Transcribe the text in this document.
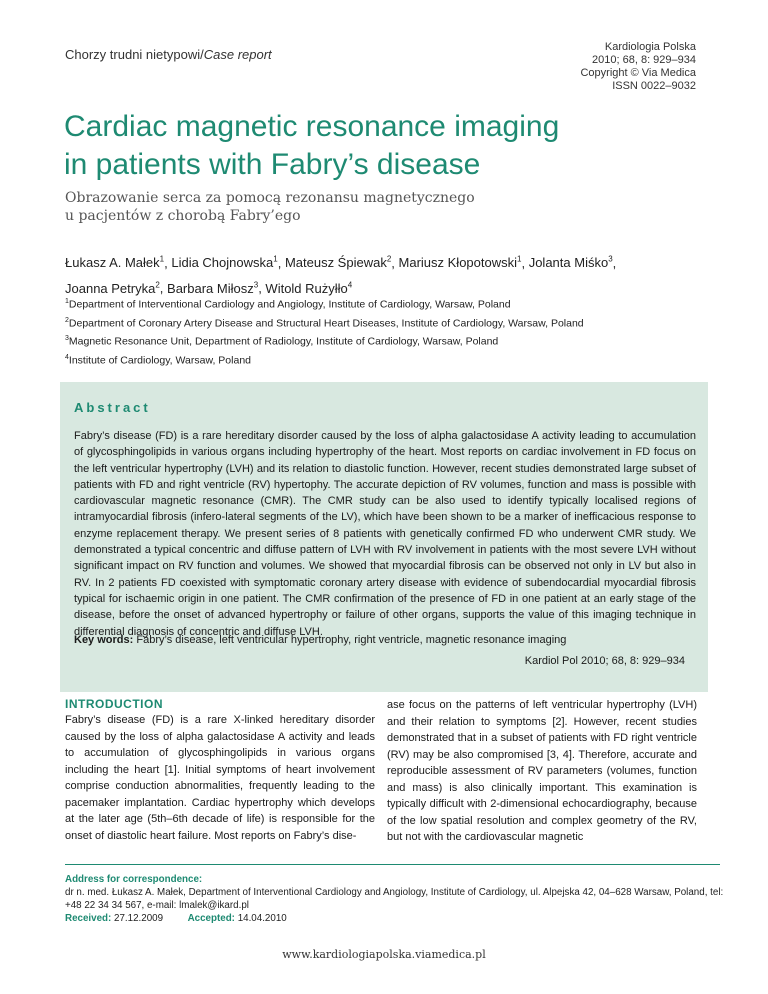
Chorzy trudni nietypowi/Case report	Kardiologia Polska
2010; 68, 8: 929–934
Copyright © Via Medica
ISSN 0022–9032
Cardiac magnetic resonance imaging
in patients with Fabry’s disease
Obrazowanie serca za pomocą rezonansu magnetycznego
u pacjentów z chorobą Fabry’ego
Łukasz A. Małek$^1$, Lidia Chojnowska$^1$, Mateusz Śpiewak$^2$, Mariusz Kłopotowski$^1$, Jolanta Miśko$^3$,
Joanna Petryka$^2$, Barbara Miłosz$^3$, Witold Rużyłło$^4$
$^1$Department of Interventional Cardiology and Angiology, Institute of Cardiology, Warsaw, Poland
$^2$Department of Coronary Artery Disease and Structural Heart Diseases, Institute of Cardiology, Warsaw, Poland
$^3$Magnetic Resonance Unit, Department of Radiology, Institute of Cardiology, Warsaw, Poland
$^4$Institute of Cardiology, Warsaw, Poland
Abstract
Fabry’s disease (FD) is a rare hereditary disorder caused by the loss of alpha galactosidase A activity leading to accumulation of glycosphingolipids in various organs including hypertrophy of the heart. Most reports on cardiac involvement in FD focus on the left ventricular hypertrophy (LVH) and its relation to diastolic function. However, recent studies demonstrated large subset of patients with FD and right ventricle (RV) hypertophy. The accurate depiction of RV volumes, function and mass is possible with cardiovascular magnetic resonance (CMR). The CMR study can be also used to identify typically localised regions of intramyocardial fibrosis (infero-lateral segments of the LV), which have been shown to be a marker of inefficacious response to enzyme replacement therapy. We present series of 8 patients with genetically confirmed FD who underwent CMR study. We demonstrated a typical concentric and diffuse pattern of LVH with RV involvement in patients with the most severe LVH without significant impact on RV function and volumes. We showed that myocardial fibrosis can be observed not only in LV but also in RV. In 2 patients FD coexisted with symptomatic coronary artery disease with evidence of subendocardial myocardial fibrosis typical for ischaemic origin in one patient. The CMR confirmation of the presence of FD in one patient at an early stage of the disease, before the onset of advanced hypertrophy or failure of other organs, supports the value of this imaging technique in differential diagnosis of concentric and diffuse LVH.
Key words: Fabry’s disease, left ventricular hypertrophy, right ventricle, magnetic resonance imaging
Kardiol Pol 2010; 68, 8: 929–934
INTRODUCTION
Fabry’s disease (FD) is a rare X-linked hereditary disorder caused by the loss of alpha galactosidase A activity and leads to accumulation of glycosphingolipids in various organs including the heart [1]. Initial symptoms of heart involvement comprise conduction abnormalities, frequently leading to the pacemaker implantation. Cardiac hypertrophy which develops at the later age (5th–6th decade of life) is responsible for the onset of diastolic heart failure. Most reports on Fabry’s dise-
ase focus on the patterns of left ventricular hypertrophy (LVH) and their relation to symptoms [2]. However, recent studies demonstrated that in a subset of patients with FD right ventricle (RV) may be also compromised [3, 4]. Therefore, accurate and reproducible assessment of RV parameters (volumes, function and mass) is also clinically important. This examination is typically difficult with 2-dimensional echocardiography, because of the low spatial resolution and complex geometry of the RV, but not with the cardiovascular magnetic
Address for correspondence:
dr n. med. Łukasz A. Małek, Department of Interventional Cardiology and Angiology, Institute of Cardiology, ul. Alpejska 42, 04–628 Warsaw, Poland, tel: +48 22 34 34 567, e-mail: lmalek@ikard.pl
Received: 27.12.2009	Accepted: 14.04.2010
www.kardiologiapolska.viamedica.pl
